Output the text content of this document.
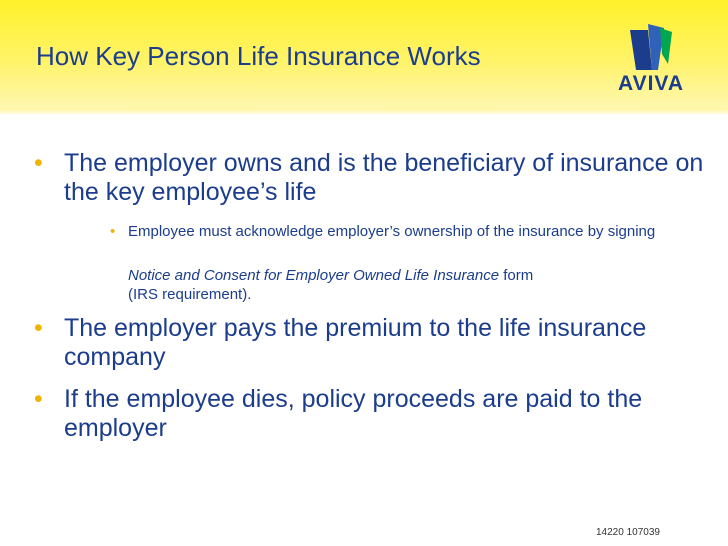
How Key Person Life Insurance Works
AVIVA
• The employer owns and is the beneficiary of insurance on the key employee’s life
• Employee must acknowledge employer’s ownership of the insurance by signing
Notice and Consent for Employer Owned Life Insurance form
(IRS requirement).
• The employer pays the premium to the life insurance company
• If the employee dies, policy proceeds are paid to the employer
14220 107039
